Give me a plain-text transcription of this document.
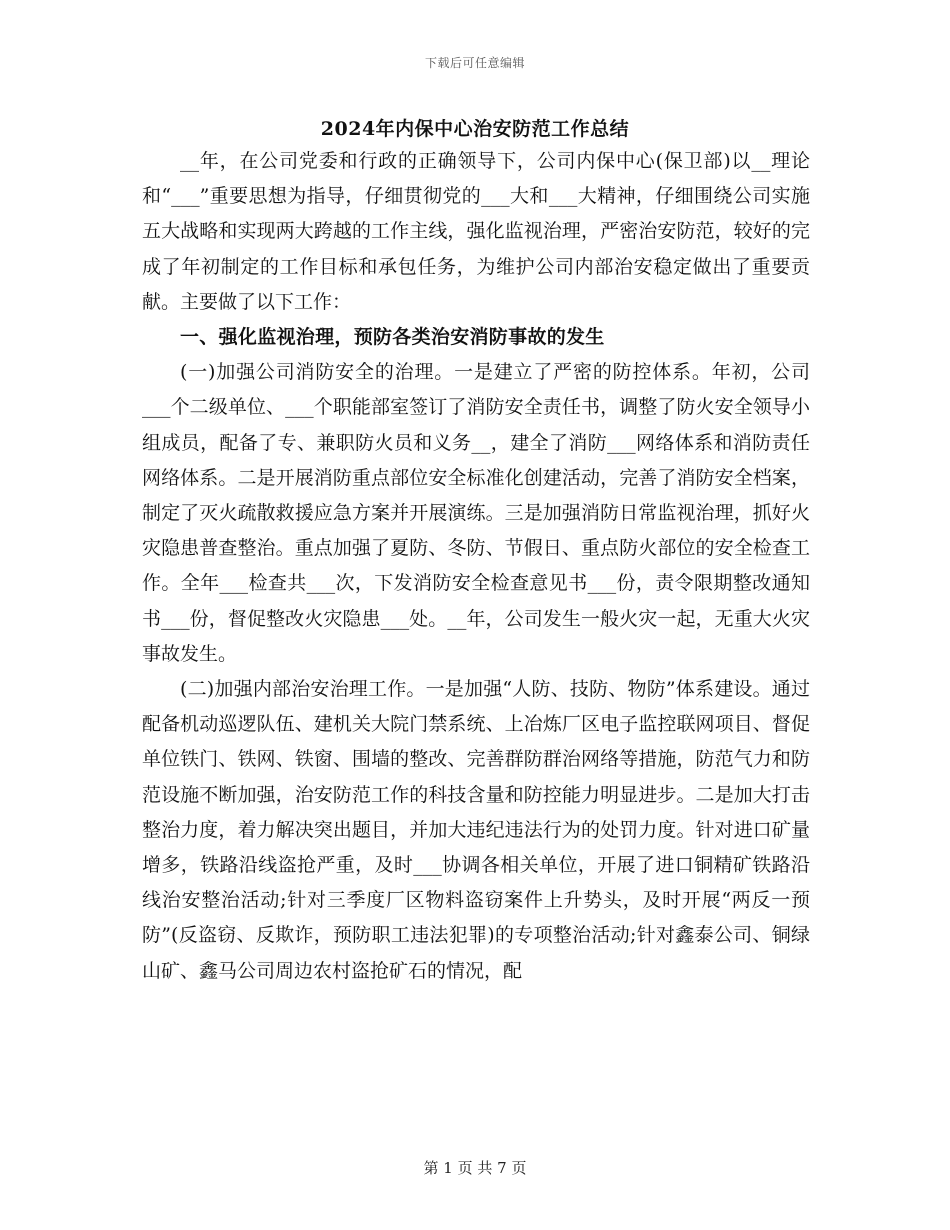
下载后可任意编辑
2024年内保中心治安防范工作总结

__年，在公司党委和行政的正确领导下，公司内保中心(保卫部)以__理论和“___”重要思想为指导，仔细贯彻党的___大和___大精神，仔细围绕公司实施五大战略和实现两大跨越的工作主线，强化监视治理，严密治安防范，较好的完成了年初制定的工作目标和承包任务，为维护公司内部治安稳定做出了重要贡献。主要做了以下工作：

一、强化监视治理，预防各类治安消防事故的发生

(一)加强公司消防安全的治理。一是建立了严密的防控体系。年初，公司___个二级单位、___个职能部室签订了消防安全责任书，调整了防火安全领导小组成员，配备了专、兼职防火员和义务__，建全了消防___网络体系和消防责任网络体系。二是开展消防重点部位安全标准化创建活动，完善了消防安全档案，制定了灭火疏散救援应急方案并开展演练。三是加强消防日常监视治理，抓好火灾隐患普查整治。重点加强了夏防、冬防、节假日、重点防火部位的安全检查工作。全年___检查共___次，下发消防安全检查意见书___份，责令限期整改通知书___份，督促整改火灾隐患___处。__年，公司发生一般火灾一起，无重大火灾事故发生。

(二)加强内部治安治理工作。一是加强“人防、技防、物防”体系建设。通过配备机动巡逻队伍、建机关大院门禁系统、上冶炼厂区电子监控联网项目、督促单位铁门、铁网、铁窗、围墙的整改、完善群防群治网络等措施，防范气力和防范设施不断加强，治安防范工作的科技含量和防控能力明显进步。二是加大打击整治力度，着力解决突出题目，并加大违纪违法行为的处罚力度。针对进口矿量增多，铁路沿线盗抢严重，及时___协调各相关单位，开展了进口铜精矿铁路沿线治安整治活动;针对三季度厂区物料盗窃案件上升势头，及时开展“两反一预防”(反盗窃、反欺诈，预防职工违法犯罪)的专项整治活动;针对鑫泰公司、铜绿山矿、鑫马公司周边农村盗抢矿石的情况，配

第 1 页 共 7 页
